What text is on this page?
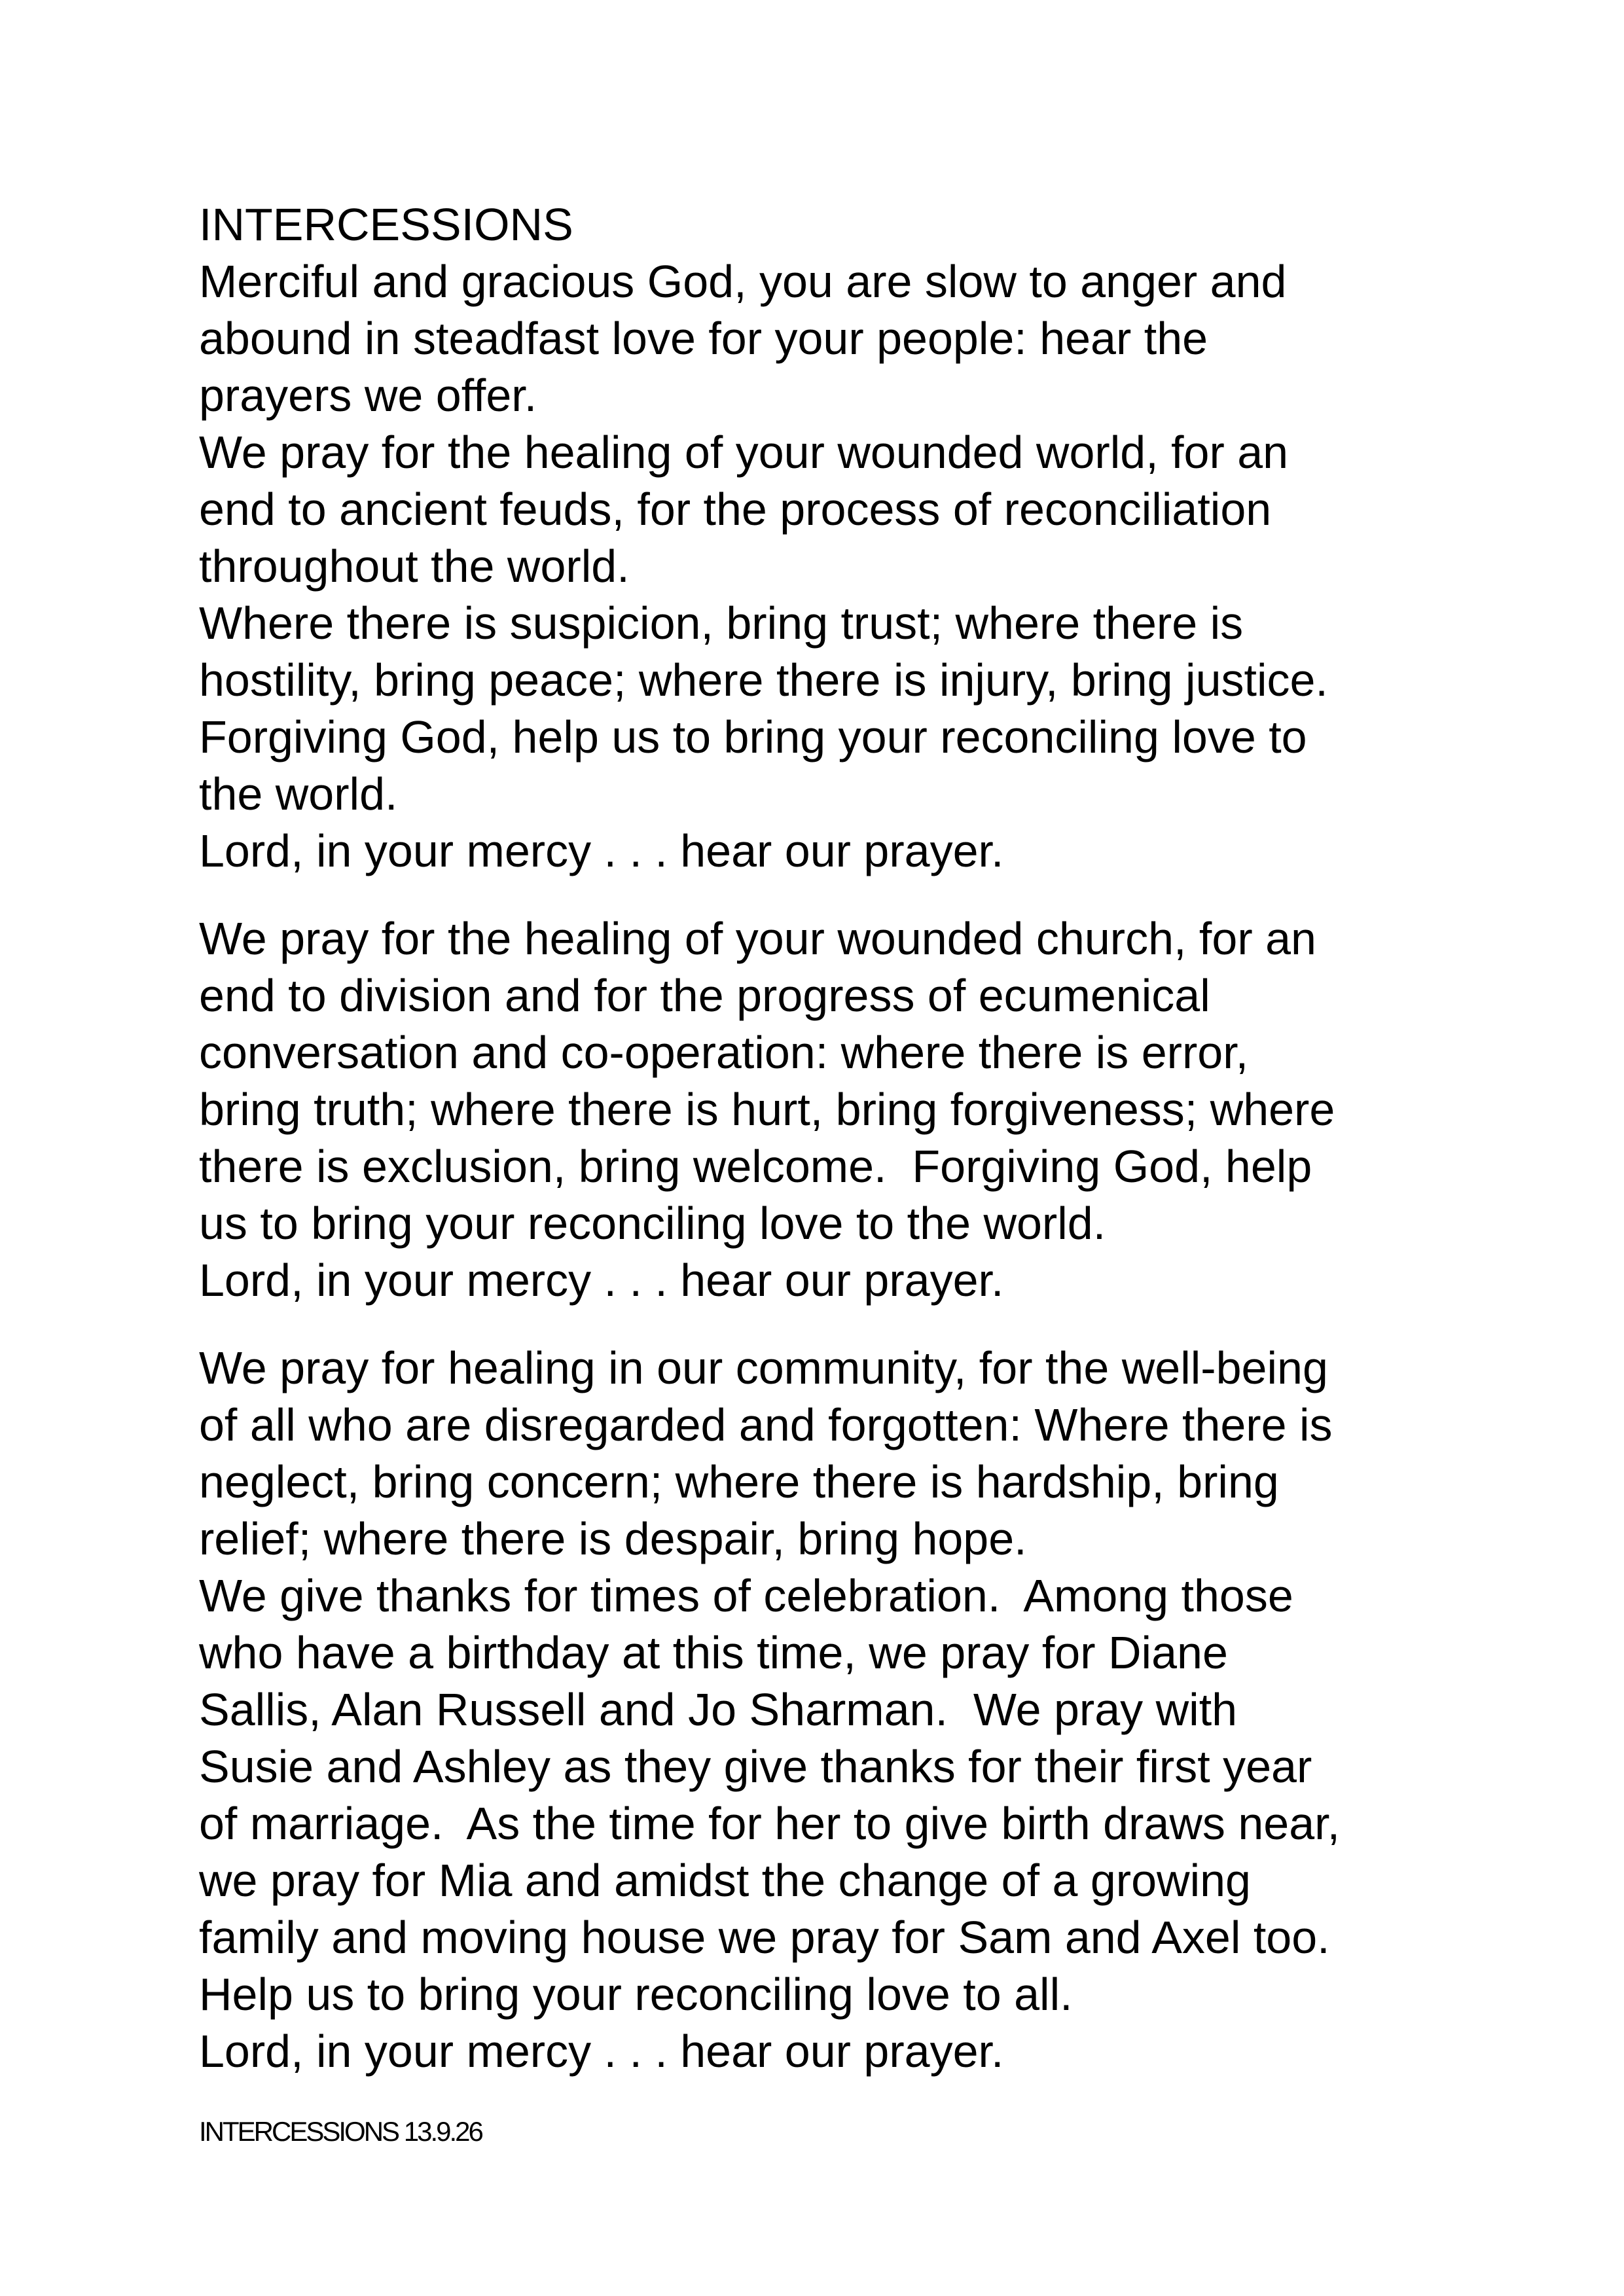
INTERCESSIONS
Merciful and gracious God, you are slow to anger and
abound in steadfast love for your people: hear the
prayers we offer.
We pray for the healing of your wounded world, for an
end to ancient feuds, for the process of reconciliation
throughout the world.
Where there is suspicion, bring trust; where there is
hostility, bring peace; where there is injury, bring justice.
Forgiving God, help us to bring your reconciling love to
the world.
Lord, in your mercy . . . hear our prayer.
We pray for the healing of your wounded church, for an
end to division and for the progress of ecumenical
conversation and co-operation: where there is error,
bring truth; where there is hurt, bring forgiveness; where
there is exclusion, bring welcome.  Forgiving God, help
us to bring your reconciling love to the world.
Lord, in your mercy . . . hear our prayer.
We pray for healing in our community, for the well-being
of all who are disregarded and forgotten: Where there is
neglect, bring concern; where there is hardship, bring
relief; where there is despair, bring hope.
We give thanks for times of celebration.  Among those
who have a birthday at this time, we pray for Diane
Sallis, Alan Russell and Jo Sharman.  We pray with
Susie and Ashley as they give thanks for their first year
of marriage.  As the time for her to give birth draws near,
we pray for Mia and amidst the change of a growing
family and moving house we pray for Sam and Axel too.
Help us to bring your reconciling love to all.
Lord, in your mercy . . . hear our prayer.
INTERCESSIONS 13.9.26
